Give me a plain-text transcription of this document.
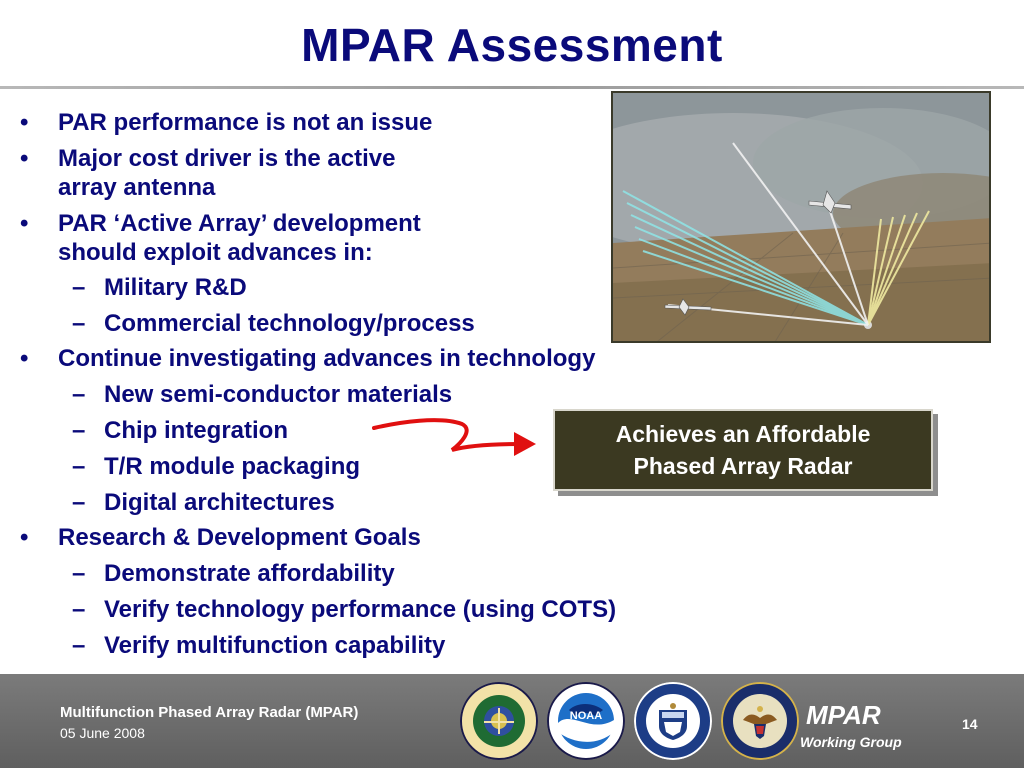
MPAR Assessment
• PAR performance is not an issue
• Major cost driver is the active
array antenna
• PAR ‘Active Array’ development
should exploit advances in:
– Military R&D
– Commercial technology/process
• Continue investigating advances in technology
– New semi-conductor materials
– Chip integration
– T/R module packaging
– Digital architectures
• Research & Development Goals
– Demonstrate affordability
– Verify technology performance (using COTS)
– Verify multifunction capability
Achieves an Affordable
Phased Array Radar
Multifunction Phased Array Radar (MPAR)
05 June 2008
NOAA	MPAR
Working Group
14
